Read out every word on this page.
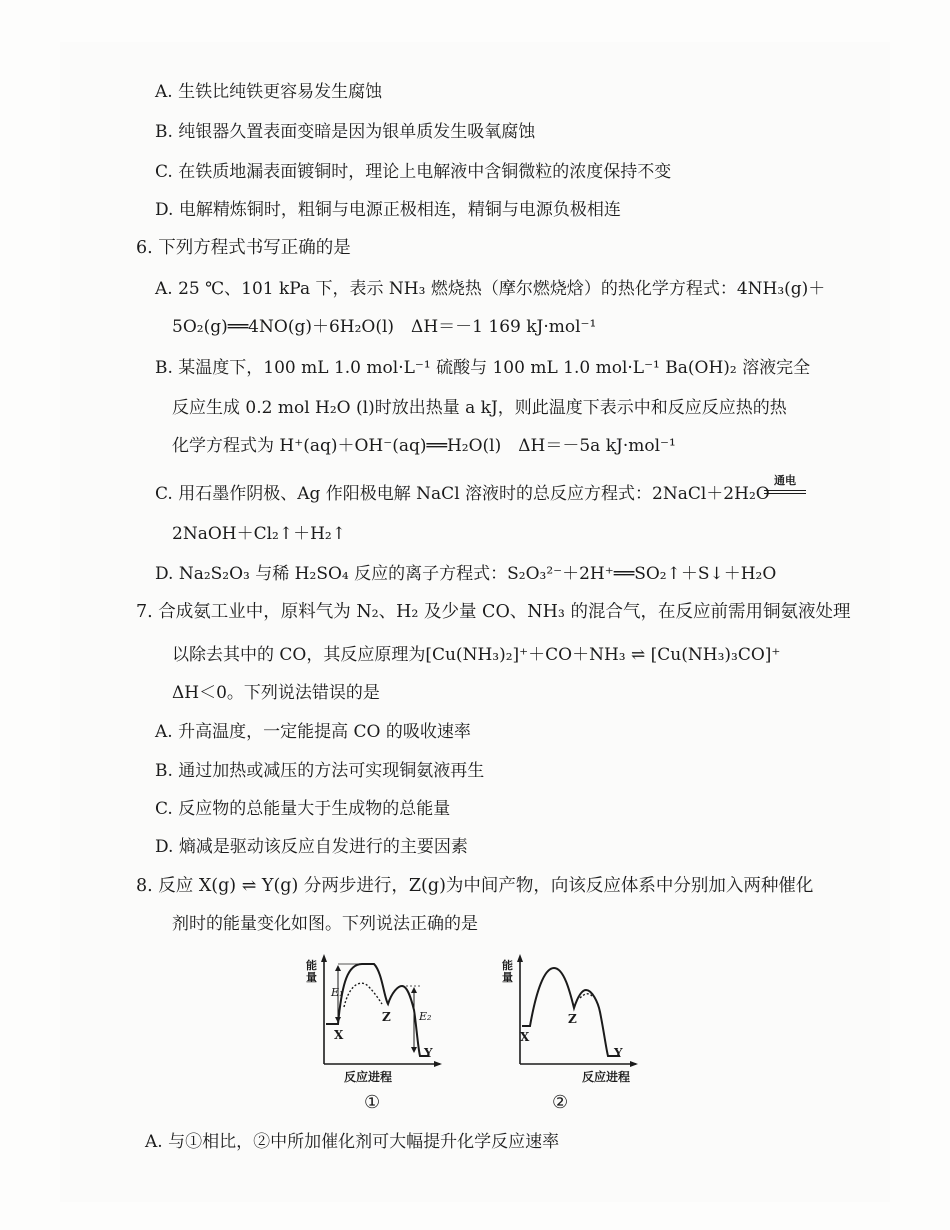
A. 生铁比纯铁更容易发生腐蚀
B. 纯银器久置表面变暗是因为银单质发生吸氧腐蚀
C. 在铁质地漏表面镀铜时，理论上电解液中含铜微粒的浓度保持不变
D. 电解精炼铜时，粗铜与电源正极相连，精铜与电源负极相连
6. 下列方程式书写正确的是
A. 25 ℃、101 kPa 下，表示 NH₃ 燃烧热（摩尔燃烧焓）的热化学方程式：4NH₃(g)＋
5O₂(g)══4NO(g)＋6H₂O(l)　ΔH＝－1 169 kJ·mol⁻¹
B. 某温度下，100 mL 1.0 mol·L⁻¹ 硫酸与 100 mL 1.0 mol·L⁻¹ Ba(OH)₂ 溶液完全
反应生成 0.2 mol H₂O (l)时放出热量 a kJ，则此温度下表示中和反应反应热的热
化学方程式为 H⁺(aq)＋OH⁻(aq)══H₂O(l)　ΔH＝－5a kJ·mol⁻¹
C. 用石墨作阴极、Ag 作阳极电解 NaCl 溶液时的总反应方程式：2NaCl＋2H₂O
通电
2NaOH＋Cl₂↑＋H₂↑
D. Na₂S₂O₃ 与稀 H₂SO₄ 反应的离子方程式：S₂O₃²⁻＋2H⁺══SO₂↑＋S↓＋H₂O
7. 合成氨工业中，原料气为 N₂、H₂ 及少量 CO、NH₃ 的混合气，在反应前需用铜氨液处理
以除去其中的 CO，其反应原理为[Cu(NH₃)₂]⁺＋CO＋NH₃ ⇌ [Cu(NH₃)₃CO]⁺
ΔH＜0。下列说法错误的是
A. 升高温度，一定能提高 CO 的吸收速率
B. 通过加热或减压的方法可实现铜氨液再生
C. 反应物的总能量大于生成物的总能量
D. 熵减是驱动该反应自发进行的主要因素
8. 反应 X(g) ⇌ Y(g) 分两步进行，Z(g)为中间产物，向该反应体系中分别加入两种催化
剂时的能量变化如图。下列说法正确的是
能量
E₁
E₂
X
Z
Y
反应进程
①
能量
X
Z
Y
反应进程
②
A. 与①相比，②中所加催化剂可大幅提升化学反应速率
